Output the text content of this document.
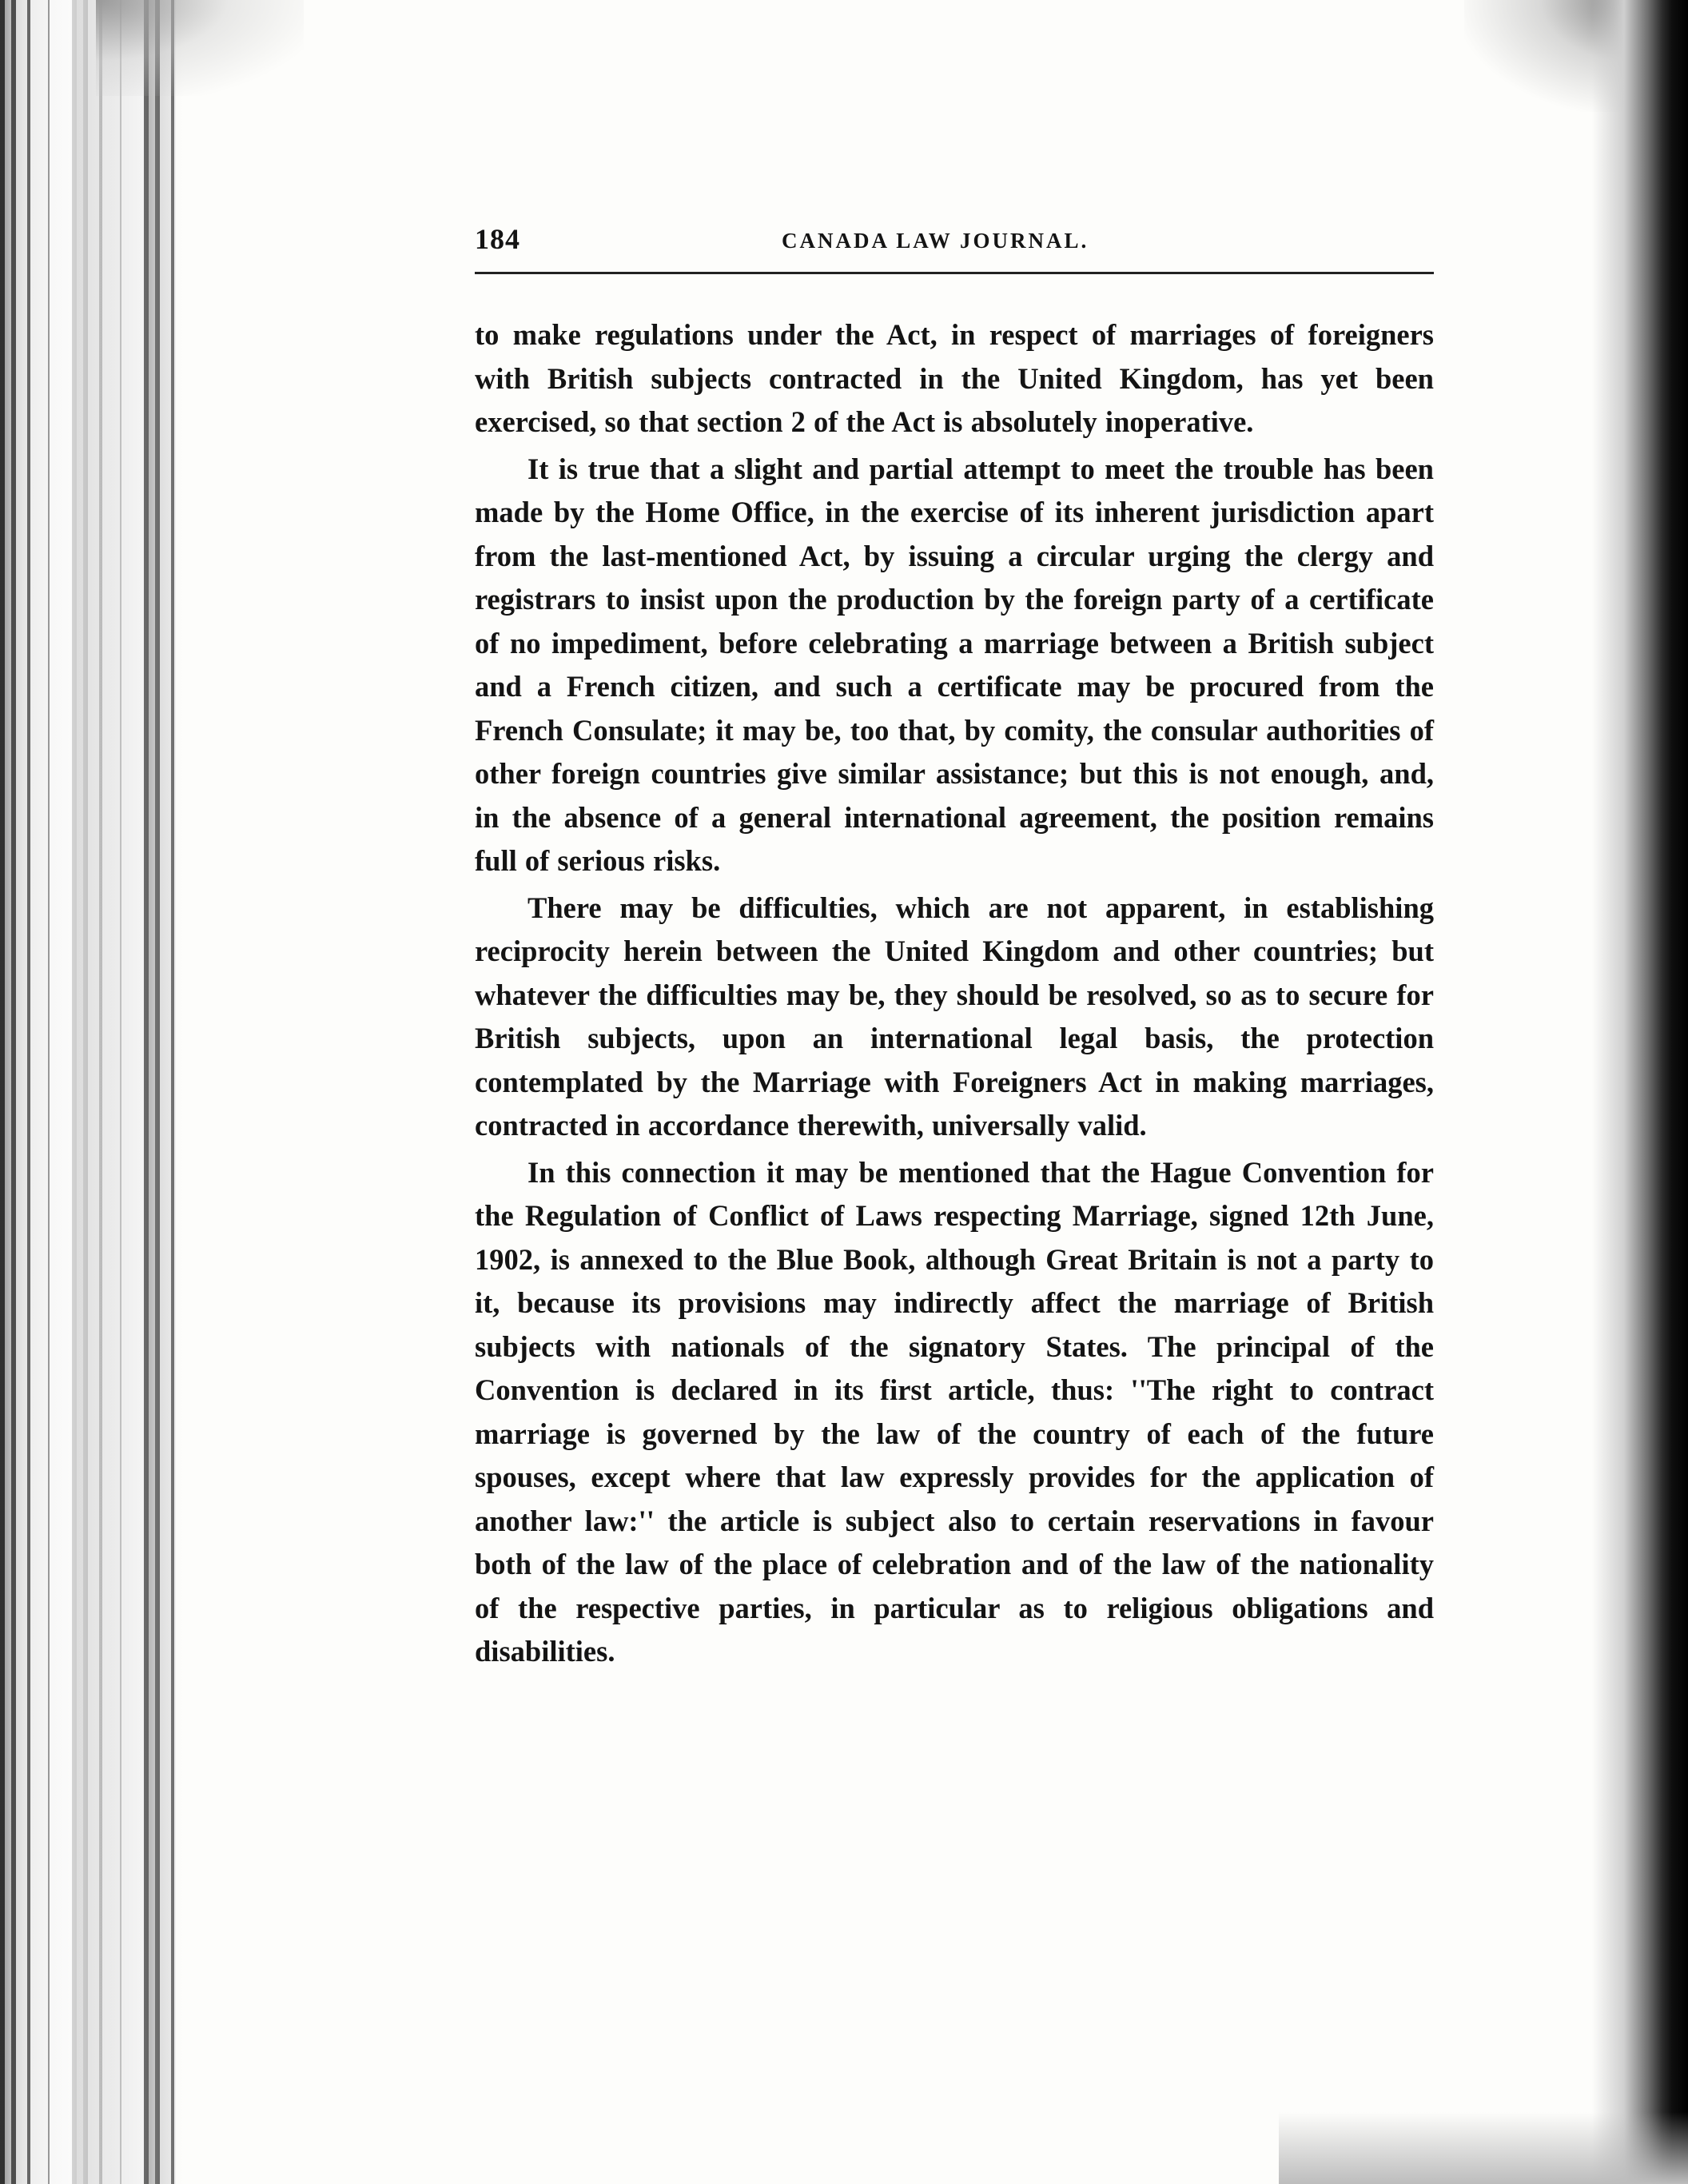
184	CANADA LAW JOURNAL.

to make regulations under the Act, in respect of marriages of foreigners with British subjects contracted in the United Kingdom, has yet been exercised, so that section 2 of the Act is absolutely inoperative.

It is true that a slight and partial attempt to meet the trouble has been made by the Home Office, in the exercise of its inherent jurisdiction apart from the last-mentioned Act, by issuing a circular urging the clergy and registrars to insist upon the production by the foreign party of a certificate of no impediment, before celebrating a marriage between a British subject and a French citizen, and such a certificate may be procured from the French Consulate; it may be, too that, by comity, the consular authorities of other foreign countries give similar assistance; but this is not enough, and, in the absence of a general international agreement, the position remains full of serious risks.

There may be difficulties, which are not apparent, in establishing reciprocity herein between the United Kingdom and other countries; but whatever the difficulties may be, they should be resolved, so as to secure for British subjects, upon an international legal basis, the protection contemplated by the Marriage with Foreigners Act in making marriages, contracted in accordance therewith, universally valid.

In this connection it may be mentioned that the Hague Convention for the Regulation of Conflict of Laws respecting Marriage, signed 12th June, 1902, is annexed to the Blue Book, although Great Britain is not a party to it, because its provisions may indirectly affect the marriage of British subjects with nationals of the signatory States. The principal of the Convention is declared in its first article, thus: ''The right to contract marriage is governed by the law of the country of each of the future spouses, except where that law expressly provides for the application of another law:'' the article is subject also to certain reservations in favour both of the law of the place of celebration and of the law of the nationality of the respective parties, in particular as to religious obligations and disabilities.
